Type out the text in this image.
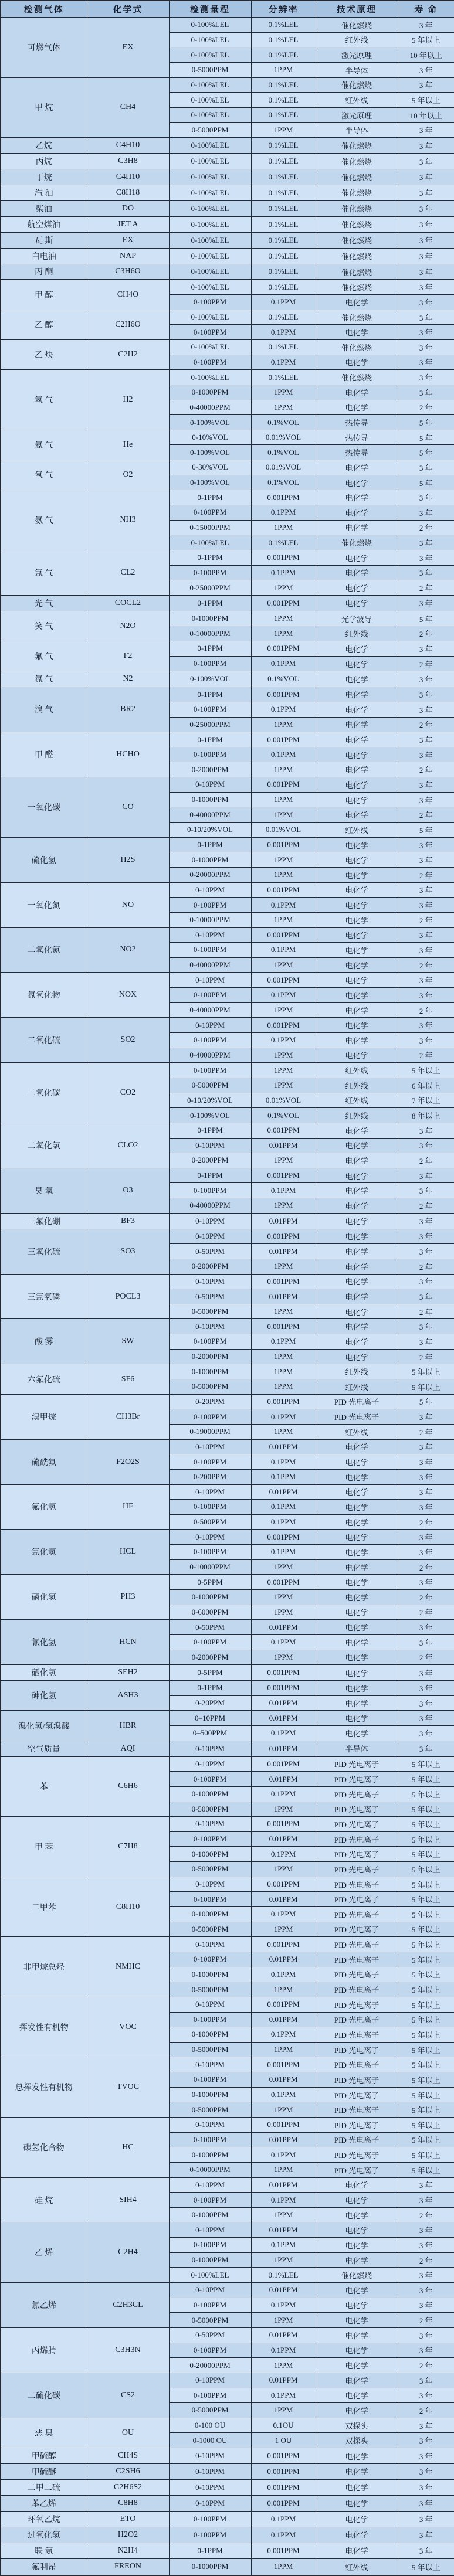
检测气体	化学式	检测量程	分辨率	技术原理	寿 命
可燃气体	EX	0-100%LEL	0.1%LEL	催化燃烧	3 年
		0-100%LEL	0.1%LEL	红外线	5 年以上
		0-100%LEL	0.1%LEL	激光原理	10 年以上
		0-5000PPM	1PPM	半导体	3 年
甲 烷	CH4	0-100%LEL	0.1%LEL	催化燃烧	3 年
		0-100%LEL	0.1%LEL	红外线	5 年以上
		0-100%LEL	0.1%LEL	激光原理	10 年以上
		0-5000PPM	1PPM	半导体	3 年
乙烷	C4H10	0-100%LEL	0.1%LEL	催化燃烧	3 年
丙烷	C3H8	0-100%LEL	0.1%LEL	催化燃烧	3 年
丁烷	C4H10	0-100%LEL	0.1%LEL	催化燃烧	3 年
汽 油	C8H18	0-100%LEL	0.1%LEL	催化燃烧	3 年
柴油	DO	0-100%LEL	0.1%LEL	催化燃烧	3 年
航空煤油	JET A	0-100%LEL	0.1%LEL	催化燃烧	3 年
瓦 斯	EX	0-100%LEL	0.1%LEL	催化燃烧	3 年
白电油	NAP	0-100%LEL	0.1%LEL	催化燃烧	3 年
丙 酮	C3H6O	0-100%LEL	0.1%LEL	催化燃烧	3 年
甲 醇	CH4O	0-100%LEL	0.1%LEL	催化燃烧	3 年
		0-100PPM	0.1PPM	电化学	3 年
乙 醇	C2H6O	0-100%LEL	0.1%LEL	催化燃烧	3 年
		0-100PPM	0.1PPM	电化学	3 年
乙 炔	C2H2	0-100%LEL	0.1%LEL	催化燃烧	3 年
		0-100PPM	0.1PPM	电化学	3 年
氢 气	H2	0-100%LEL	0.1%LEL	催化燃烧	3 年
		0-1000PPM	1PPM	电化学	3 年
		0-40000PPM	1PPM	电化学	2 年
		0-100%VOL	0.1%VOL	热传导	5 年
氦 气	He	0-10%VOL	0.01%VOL	热传导	5 年
		0-100%VOL	0.1%VOL	热传导	5 年
氧 气	O2	0-30%VOL	0.01%VOL	电化学	3 年
		0-100%VOL	0.1%VOL	电化学	5 年
氨 气	NH3	0-1PPM	0.001PPM	电化学	3 年
		0-100PPM	0.1PPM	电化学	3 年
		0-15000PPM	1PPM	电化学	2 年
		0-100%LEL	0.1%LEL	催化燃烧	3 年
氯 气	CL2	0-1PPM	0.001PPM	电化学	3 年
		0-100PPM	0.1PPM	电化学	3 年
		0-25000PPM	1PPM	电化学	2 年
光 气	COCL2	0-1PPM	0.001PPM	电化学	3 年
笑 气	N2O	0-1000PPM	1PPM	光学波导	5 年
		0-10000PPM	1PPM	红外线	2 年
氟 气	F2	0-1PPM	0.001PPM	电化学	3 年
		0-100PPM	0.1PPM	电化学	2 年
氮 气	N2	0-100%VOL	0.1%VOL	电化学	3 年
溴 气	BR2	0-1PPM	0.001PPM	电化学	3 年
		0-100PPM	0.1PPM	电化学	3 年
		0-25000PPM	1PPM	电化学	2 年
甲 醛	HCHO	0-1PPM	0.001PPM	电化学	3 年
		0-100PPM	0.1PPM	电化学	3 年
		0-2000PPM	1PPM	电化学	2 年
一氧化碳	CO	0-10PPM	0.001PPM	电化学	3 年
		0-1000PPM	1PPM	电化学	3 年
		0-40000PPM	1PPM	电化学	2 年
		0-10/20%VOL	0.01%VOL	红外线	5 年
硫化氢	H2S	0-1PPM	0.001PPM	电化学	3 年
		0-1000PPM	1PPM	电化学	3 年
		0-20000PPM	1PPM	电化学	2 年
一氧化氮	NO	0-10PPM	0.001PPM	电化学	3 年
		0-100PPM	0.1PPM	电化学	3 年
		0-10000PPM	1PPM	电化学	2 年
二氧化氮	NO2	0-10PPM	0.001PPM	电化学	3 年
		0-100PPM	0.1PPM	电化学	3 年
		0-40000PPM	1PPM	电化学	2 年
氮氧化物	NOX	0-10PPM	0.001PPM	电化学	3 年
		0-100PPM	0.1PPM	电化学	3 年
		0-40000PPM	1PPM	电化学	2 年
二氧化硫	SO2	0-10PPM	0.001PPM	电化学	3 年
		0-100PPM	0.1PPM	电化学	3 年
		0-40000PPM	1PPM	电化学	2 年
二氧化碳	CO2	0-100PPM	1PPM	红外线	5 年以上
		0-5000PPM	1PPM	红外线	6 年以上
		0-10/20%VOL	0.01%VOL	红外线	7 年以上
		0-100%VOL	0.1%VOL	红外线	8 年以上
二氧化氯	CLO2	0-1PPM	0.001PPM	电化学	3 年
		0-10PPM	0.01PPM	电化学	3 年
		0-2000PPM	1PPM	电化学	2 年
臭 氧	O3	0-1PPM	0.001PPM	电化学	3 年
		0-100PPM	0.1PPM	电化学	3 年
		0-40000PPM	1PPM	电化学	2 年
三氟化硼	BF3	0-10PPM	0.01PPM	电化学	3 年
三氧化硫	SO3	0-10PPM	0.001PPM	电化学	3 年
		0-50PPM	0.01PPM	电化学	3 年
		0-2000PPM	1PPM	电化学	2 年
三氯氧磷	POCL3	0-10PPM	0.001PPM	电化学	3 年
		0-50PPM	0.01PPM	电化学	3 年
		0-5000PPM	1PPM	电化学	2 年
酸 雾	SW	0-10PPM	0.001PPM	电化学	3 年
		0-100PPM	0.1PPM	电化学	3 年
		0-2000PPM	1PPM	电化学	2 年
六氟化硫	SF6	0-1000PPM	1PPM	红外线	5 年以上
		0-5000PPM	1PPM	红外线	5 年以上
溴甲烷	CH3Br	0-20PPM	0.001PPM	PID 光电离子	5 年
		0-100PPM	0.1PPM	PID 光电离子	3 年
		0-19000PPM	1PPM	红外线	2 年
硫酰氟	F2O2S	0-10PPM	0.01PPM	电化学	3 年
		0-100PPM	0.1PPM	电化学	3 年
		0-200PPM	0.1PPM	电化学	3 年
氟化氢	HF	0-10PPM	0.01PPM	电化学	3 年
		0-100PPM	0.1PPM	电化学	3 年
		0-500PPM	0.1PPM	电化学	2 年
氯化氢	HCL	0-10PPM	0.001PPM	电化学	3 年
		0-100PPM	0.1PPM	电化学	3 年
		0-10000PPM	1PPM	电化学	2 年
磷化氢	PH3	0-5PPM	0.001PPM	电化学	3 年
		0-1000PPM	1PPM	电化学	2 年
		0-6000PPM	1PPM	电化学	2 年
氰化氢	HCN	0-50PPM	0.01PPM	电化学	3 年
		0-100PPM	0.1PPM	电化学	3 年
		0-2000PPM	1PPM	电化学	2 年
硒化氢	SEH2	0-5PPM	0.001PPM	电化学	3 年
砷化氢	ASH3	0-1PPM	0.001PPM	电化学	3 年
		0-20PPM	0.01PPM	电化学	3 年
溴化氢/氢溴酸	HBR	0–10PPM	0.01PPM	电化学	3 年
		0–500PPM	0.1PPM	电化学	3 年
空气质量	AQI	0-10PPM	0.01PPM	半导体	3 年
苯	C6H6	0-10PPM	0.001PPM	PID 光电离子	5 年以上
		0-100PPM	0.01PPM	PID 光电离子	5 年以上
		0-1000PPM	0.1PPM	PID 光电离子	5 年以上
		0-5000PPM	1PPM	PID 光电离子	5 年以上
甲 苯	C7H8	0-10PPM	0.001PPM	PID 光电离子	5 年以上
		0-100PPM	0.01PPM	PID 光电离子	5 年以上
		0-1000PPM	0.1PPM	PID 光电离子	5 年以上
		0-5000PPM	1PPM	PID 光电离子	5 年以上
二甲苯	C8H10	0-10PPM	0.001PPM	PID 光电离子	5 年以上
		0-100PPM	0.01PPM	PID 光电离子	5 年以上
		0-1000PPM	0.1PPM	PID 光电离子	5 年以上
		0-5000PPM	1PPM	PID 光电离子	5 年以上
非甲烷总烃	NMHC	0-10PPM	0.001PPM	PID 光电离子	5 年以上
		0-100PPM	0.01PPM	PID 光电离子	5 年以上
		0-1000PPM	0.1PPM	PID 光电离子	5 年以上
		0-5000PPM	1PPM	PID 光电离子	5 年以上
挥发性有机物	VOC	0-10PPM	0.001PPM	PID 光电离子	5 年以上
		0-100PPM	0.01PPM	PID 光电离子	5 年以上
		0-1000PPM	0.1PPM	PID 光电离子	5 年以上
		0-5000PPM	1PPM	PID 光电离子	5 年以上
总挥发性有机物	TVOC	0-10PPM	0.001PPM	PID 光电离子	5 年以上
		0-100PPM	0.01PPM	PID 光电离子	5 年以上
		0-1000PPM	0.1PPM	PID 光电离子	5 年以上
		0-5000PPM	1PPM	PID 光电离子	5 年以上
碳氢化合物	HC	0-10PPM	0.001PPM	PID 光电离子	5 年以上
		0-100PPM	0.01PPM	PID 光电离子	5 年以上
		0-1000PPM	0.1PPM	PID 光电离子	5 年以上
		0-10000PPM	1PPM	PID 光电离子	5 年以上
硅 烷	SIH4	0-10PPM	0.01PPM	电化学	3 年
		0-100PPM	0.1PPM	电化学	3 年
		0-1000PPM	1PPM	电化学	2 年
乙 烯	C2H4	0-10PPM	0.01PPM	电化学	3 年
		0-100PPM	0.1PPM	电化学	3 年
		0-1000PPM	1PPM	电化学	2 年
		0-100%LEL	0.1%LEL	催化燃烧	3 年
氯乙烯	C2H3CL	0-10PPM	0.01PPM	电化学	3 年
		0-100PPM	0.1PPM	电化学	3 年
		0-5000PPM	1PPM	电化学	2 年
丙烯腈	C3H3N	0-50PPM	0.01PPM	电化学	3 年
		0-100PPM	0.1PPM	电化学	3 年
		0-20000PPM	1PPM	电化学	2 年
二硫化碳	CS2	0-10PPM	0.01PPM	电化学	3 年
		0-100PPM	0.1PPM	电化学	3 年
		0-5000PPM	1PPM	电化学	2 年
恶 臭	OU	0-100 OU	0.1OU	双探头	3 年
		0-1000 OU	1 OU	双探头	3 年
甲硫醇	CH4S	0-10PPM	0.001PPM	电化学	3 年
甲硫醚	C2SH6	0-10PPM	0.001PPM	电化学	3 年
二甲二硫	C2H6S2	0-10PPM	0.001PPM	电化学	3 年
苯乙烯	C8H8	0-10PPM	0.001PPM	电化学	3 年
环氧乙烷	ETO	0-100PPM	0.1PPM	电化学	3 年
过氧化氢	H2O2	0-100PPM	0.1PPM	电化学	3 年
联 氨	N2H4	0-1PPM	0.001PPM	电化学	3 年
氟利昂	FREON	0-1000PPM	1PPM	红外线	5 年以上
